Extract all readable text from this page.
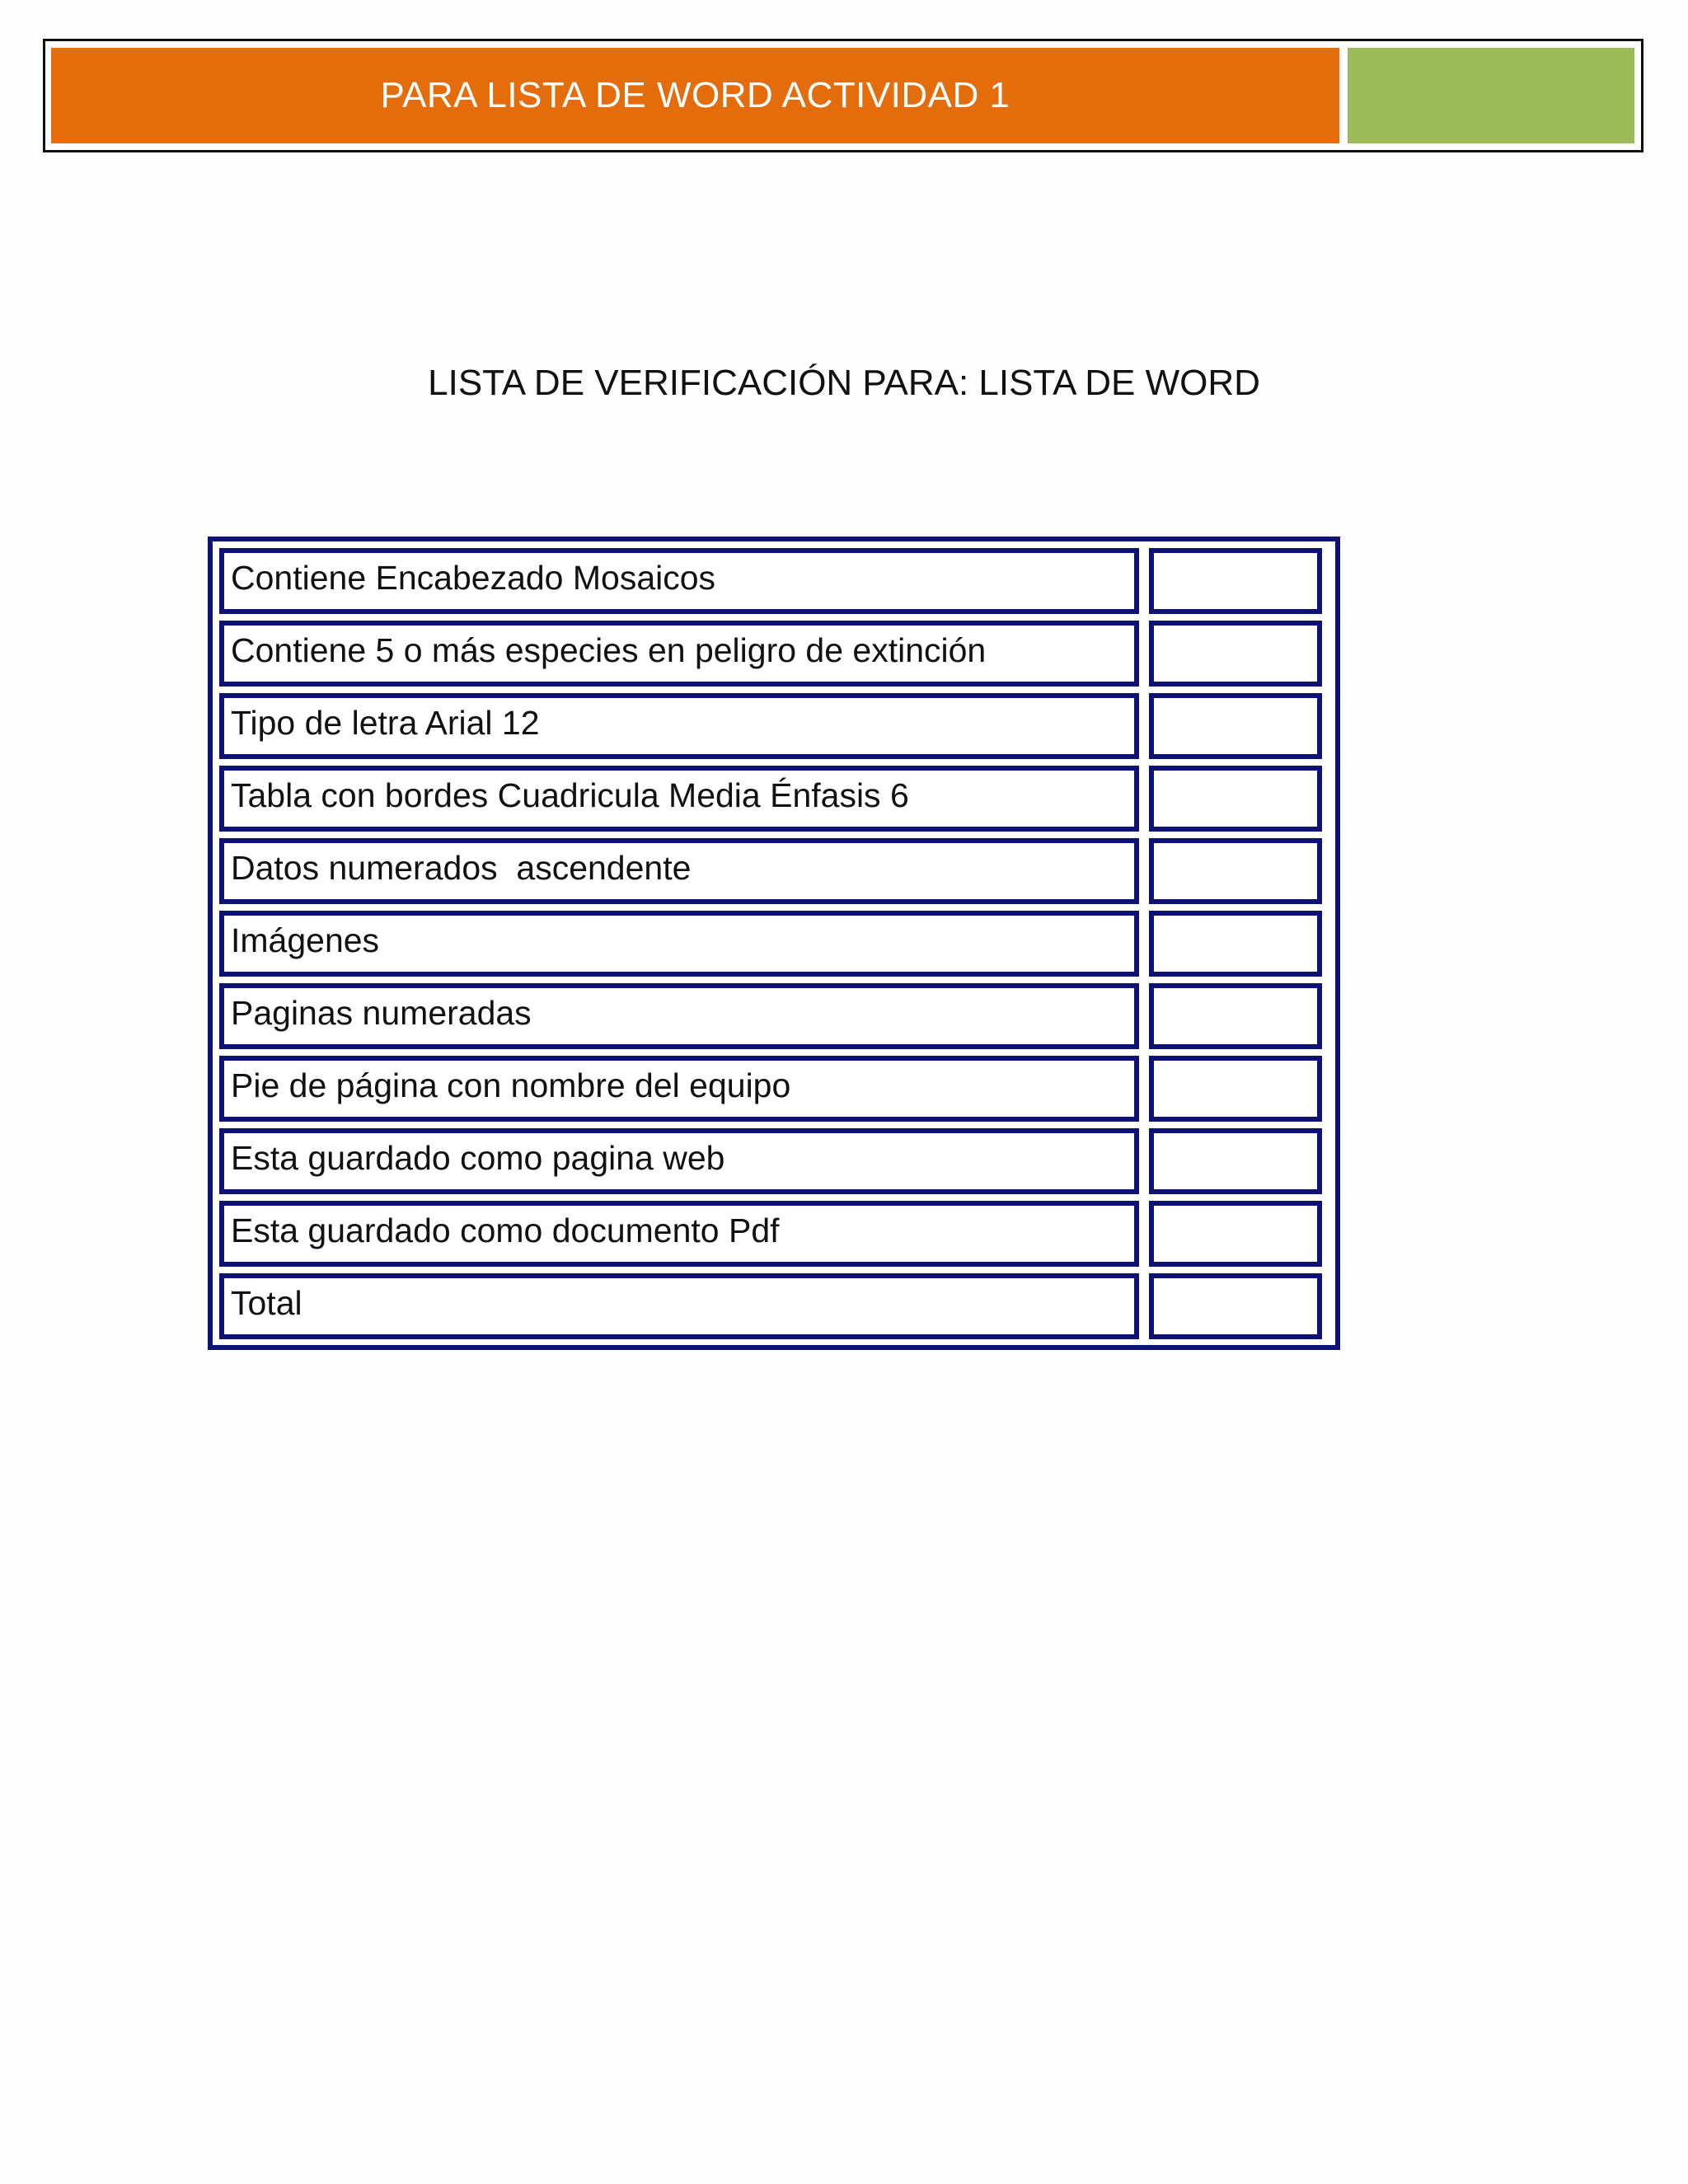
PARA LISTA DE WORD ACTIVIDAD 1
LISTA DE VERIFICACIÓN PARA: LISTA DE WORD
Contiene Encabezado Mosaicos
Contiene 5 o más especies en peligro de extinción
Tipo de letra Arial 12
Tabla con bordes Cuadricula Media Énfasis 6
Datos numerados  ascendente
Imágenes
Paginas numeradas
Pie de página con nombre del equipo
Esta guardado como pagina web
Esta guardado como documento Pdf
Total
